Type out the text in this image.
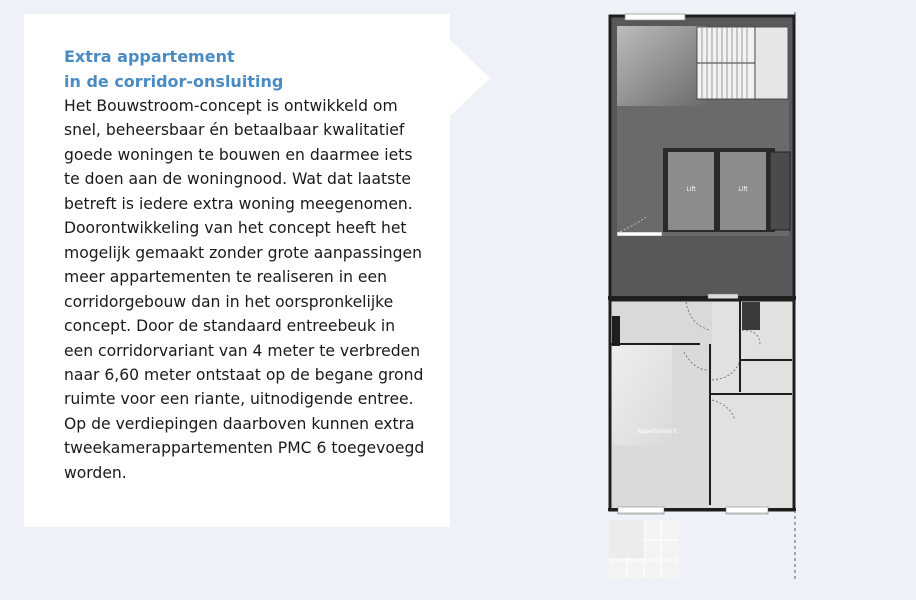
Extra appartement
in de corridor-onsluiting

Het Bouwstroom-concept is ontwikkeld om
snel, beheersbaar én betaalbaar kwalitatief
goede woningen te bouwen en daarmee iets
te doen aan de woningnood. Wat dat laatste
betreft is iedere extra woning meegenomen.
Doorontwikkeling van het concept heeft het
mogelijk gemaakt zonder grote aanpassingen
meer appartementen te realiseren in een
corridorgebouw dan in het oorspronkelijke
concept. Door de standaard entreebeuk in
een corridorvariant van 4 meter te verbreden
naar 6,60 meter ontstaat op de begane grond
ruimte voor een riante, uitnodigende entree.
Op de verdiepingen daarboven kunnen extra
tweekamerappartementen PMC 6 toegevoegd
worden.

Lift	Lift
Appartement
